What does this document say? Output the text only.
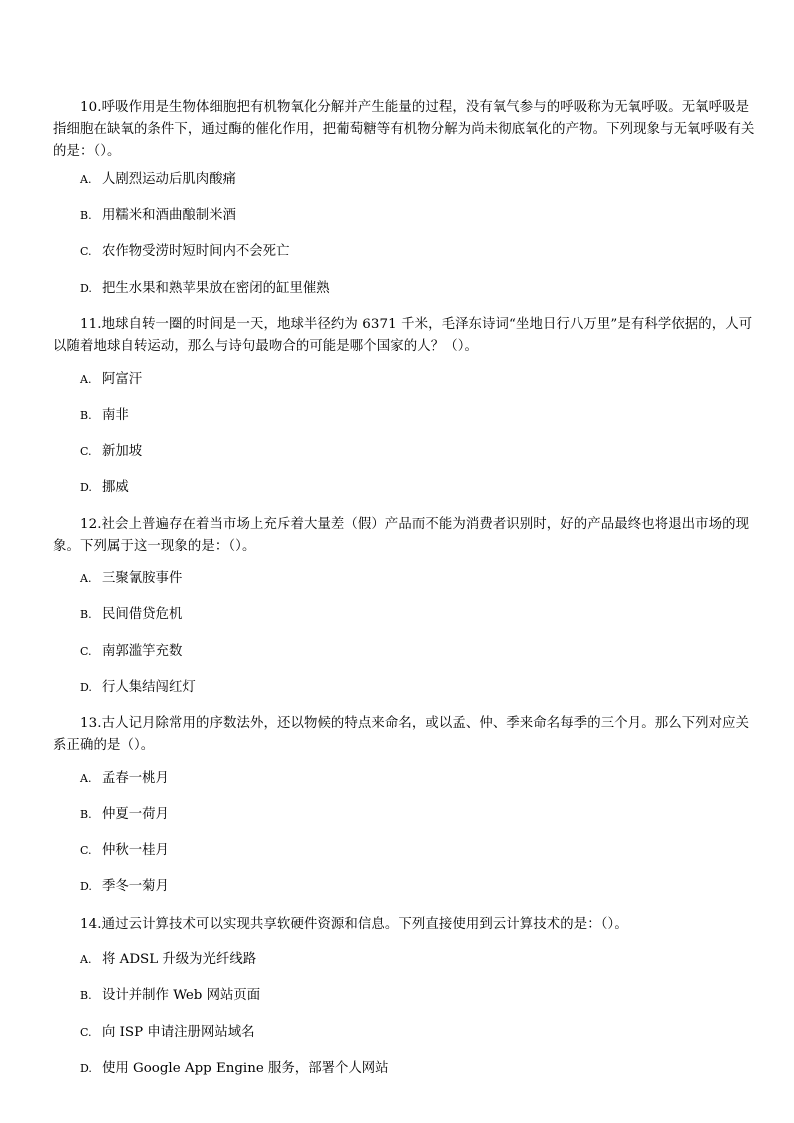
10.呼吸作用是生物体细胞把有机物氧化分解并产生能量的过程，没有氧气参与的呼吸称为无氧呼吸。无氧呼吸是指细胞在缺氧的条件下，通过酶的催化作用，把葡萄糖等有机物分解为尚未彻底氧化的产物。下列现象与无氧呼吸有关的是：（）。

A. 人剧烈运动后肌肉酸痛

B. 用糯米和酒曲酿制米酒

C. 农作物受涝时短时间内不会死亡

D. 把生水果和熟苹果放在密闭的缸里催熟

11.地球自转一圈的时间是一天，地球半径约为 6371 千米，毛泽东诗词“坐地日行八万里”是有科学依据的，人可以随着地球自转运动，那么与诗句最吻合的可能是哪个国家的人？（）。

A. 阿富汗

B. 南非

C. 新加坡

D. 挪威

12.社会上普遍存在着当市场上充斥着大量差（假）产品而不能为消费者识别时，好的产品最终也将退出市场的现象。下列属于这一现象的是：（）。

A. 三聚氰胺事件

B. 民间借贷危机

C. 南郭滥竽充数

D. 行人集结闯红灯

13.古人记月除常用的序数法外，还以物候的特点来命名，或以孟、仲、季来命名每季的三个月。那么下列对应关系正确的是（）。

A. 孟春一桃月

B. 仲夏一荷月

C. 仲秋一桂月

D. 季冬一菊月

14.通过云计算技术可以实现共享软硬件资源和信息。下列直接使用到云计算技术的是：（）。

A. 将 ADSL 升级为光纤线路

B. 设计并制作 Web 网站页面

C. 向 ISP 申请注册网站域名

D. 使用 Google App Engine 服务，部署个人网站
